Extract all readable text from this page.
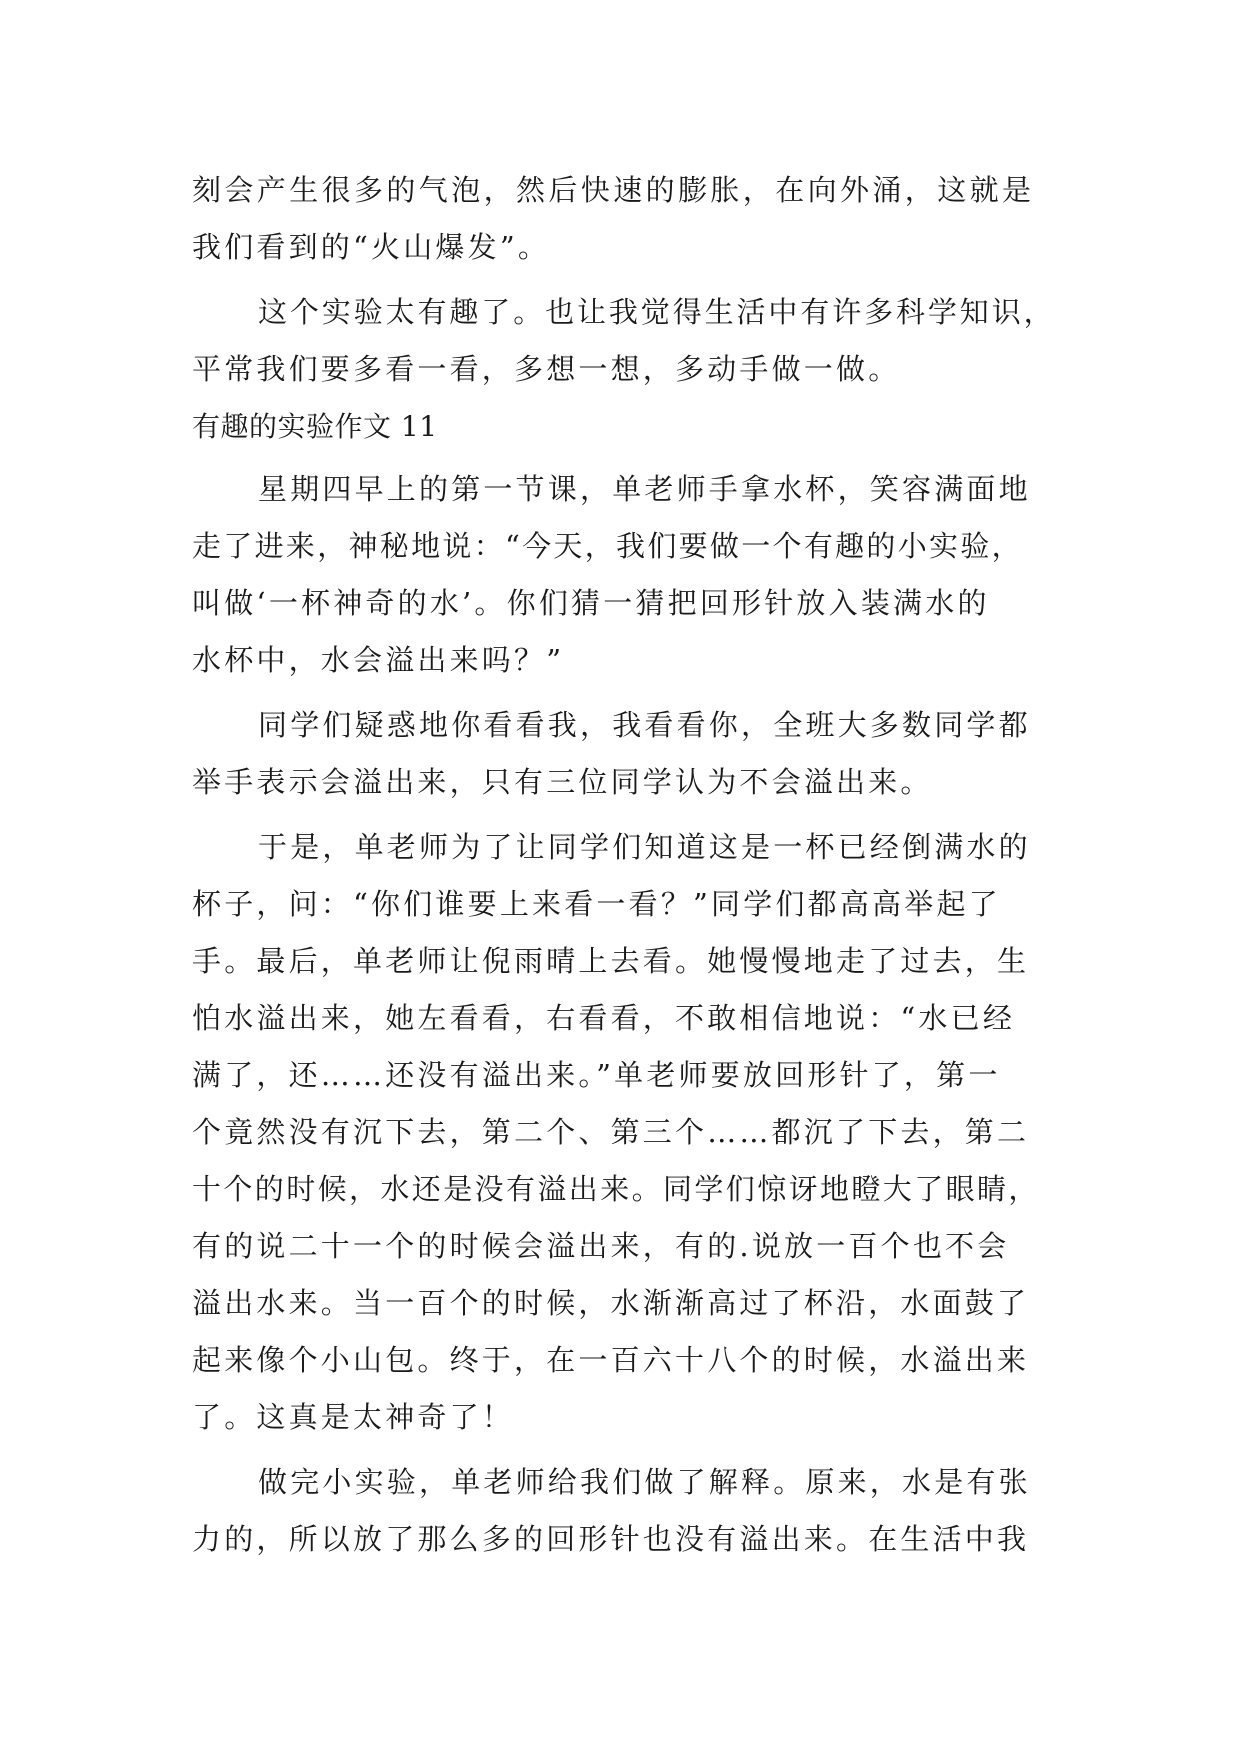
刻会产生很多的气泡，然后快速的膨胀，在向外涌，这就是
我们看到的“火山爆发”。
这个实验太有趣了。也让我觉得生活中有许多科学知识，
平常我们要多看一看，多想一想，多动手做一做。
有趣的实验作文 11
星期四早上的第一节课，单老师手拿水杯，笑容满面地
走了进来，神秘地说：“今天，我们要做一个有趣的小实验，
叫做‘一杯神奇的水’。你们猜一猜把回形针放入装满水的
水杯中，水会溢出来吗？”
同学们疑惑地你看看我，我看看你，全班大多数同学都
举手表示会溢出来，只有三位同学认为不会溢出来。
于是，单老师为了让同学们知道这是一杯已经倒满水的
杯子，问：“你们谁要上来看一看？”同学们都高高举起了
手。最后，单老师让倪雨晴上去看。她慢慢地走了过去，生
怕水溢出来，她左看看，右看看，不敢相信地说：“水已经
满了，还……还没有溢出来。”单老师要放回形针了，第一
个竟然没有沉下去，第二个、第三个……都沉了下去，第二
十个的时候，水还是没有溢出来。同学们惊讶地瞪大了眼睛，
有的说二十一个的时候会溢出来，有的.说放一百个也不会
溢出水来。当一百个的时候，水渐渐高过了杯沿，水面鼓了
起来像个小山包。终于，在一百六十八个的时候，水溢出来
了。这真是太神奇了！
做完小实验，单老师给我们做了解释。原来，水是有张
力的，所以放了那么多的回形针也没有溢出来。在生活中我
